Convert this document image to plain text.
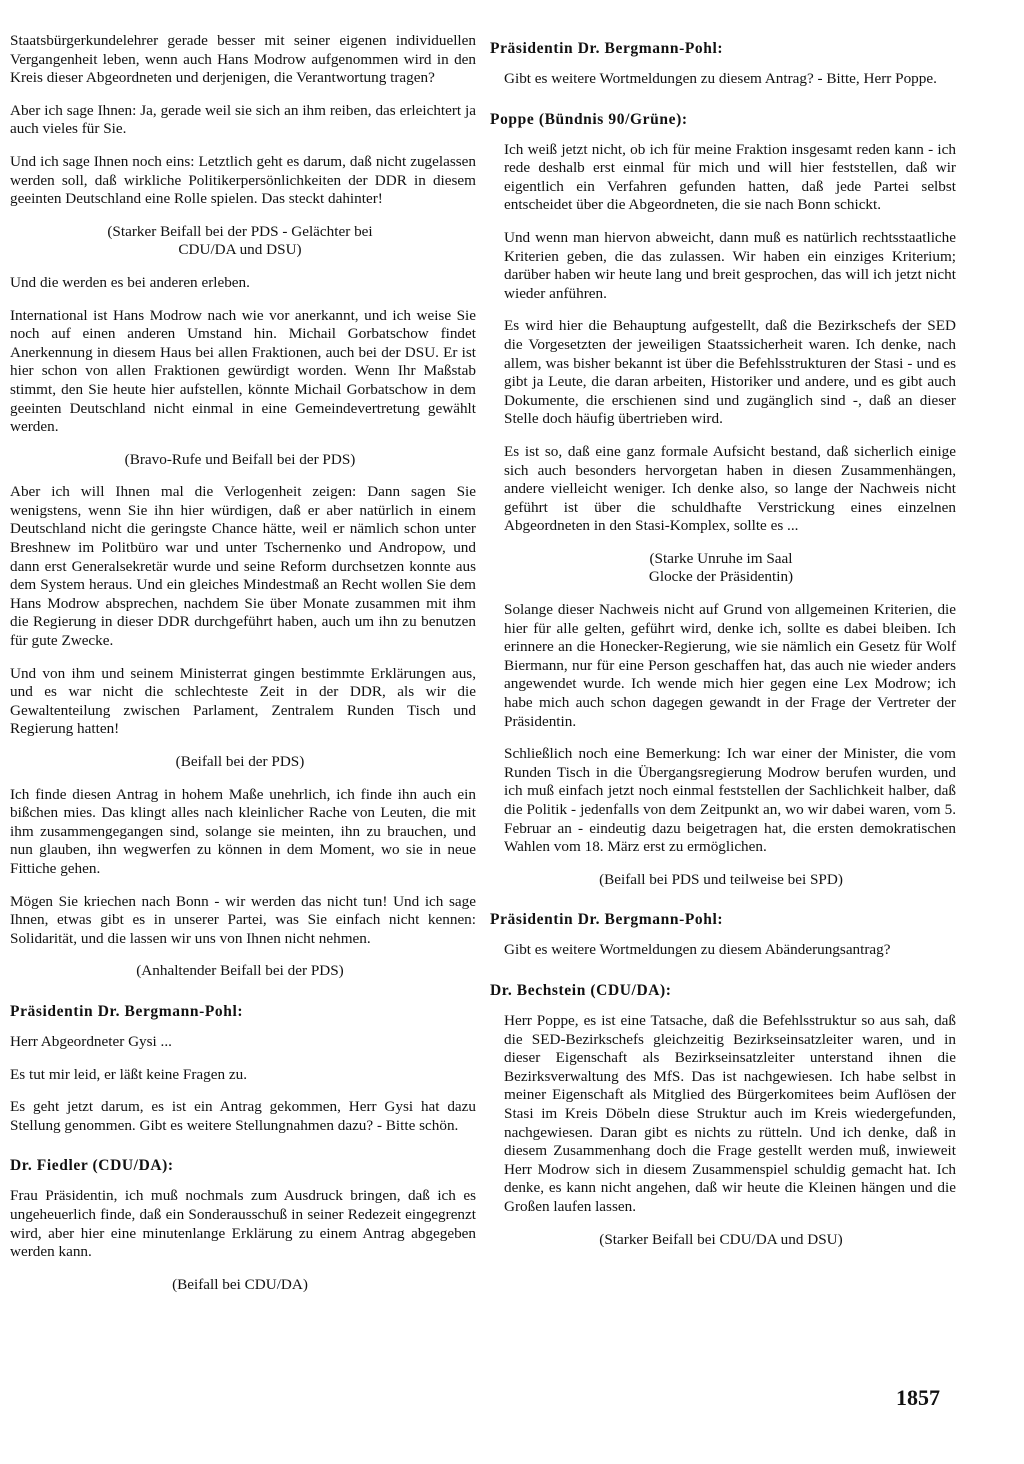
Staatsbürgerkundelehrer gerade besser mit seiner eigenen individuellen Vergangenheit leben, wenn auch Hans Modrow aufgenommen wird in den Kreis dieser Abgeordneten und derjenigen, die Verantwortung tragen?

Aber ich sage Ihnen: Ja, gerade weil sie sich an ihm reiben, das erleichtert ja auch vieles für Sie.

Und ich sage Ihnen noch eins: Letztlich geht es darum, daß nicht zugelassen werden soll, daß wirkliche Politikerpersönlichkeiten der DDR in diesem geeinten Deutschland eine Rolle spielen. Das steckt dahinter!

(Starker Beifall bei der PDS - Gelächter bei
CDU/DA und DSU)

Und die werden es bei anderen erleben.

International ist Hans Modrow nach wie vor anerkannt, und ich weise Sie noch auf einen anderen Umstand hin. Michail Gorbatschow findet Anerkennung in diesem Haus bei allen Fraktionen, auch bei der DSU. Er ist hier schon von allen Fraktionen gewürdigt worden. Wenn Ihr Maßstab stimmt, den Sie heute hier aufstellen, könnte Michail Gorbatschow in dem geeinten Deutschland nicht einmal in eine Gemeindevertretung gewählt werden.

(Bravo-Rufe und Beifall bei der PDS)

Aber ich will Ihnen mal die Verlogenheit zeigen: Dann sagen Sie wenigstens, wenn Sie ihn hier würdigen, daß er aber natürlich in einem Deutschland nicht die geringste Chance hätte, weil er nämlich schon unter Breshnew im Politbüro war und unter Tschernenko und Andropow, und dann erst Generalsekretär wurde und seine Reform durchsetzen konnte aus dem System heraus. Und ein gleiches Mindestmaß an Recht wollen Sie dem Hans Modrow absprechen, nachdem Sie über Monate zusammen mit ihm die Regierung in dieser DDR durchgeführt haben, auch um ihn zu benutzen für gute Zwecke.

Und von ihm und seinem Ministerrat gingen bestimmte Erklärungen aus, und es war nicht die schlechteste Zeit in der DDR, als wir die Gewaltenteilung zwischen Parlament, Zentralem Runden Tisch und Regierung hatten!

(Beifall bei der PDS)

Ich finde diesen Antrag in hohem Maße unehrlich, ich finde ihn auch ein bißchen mies. Das klingt alles nach kleinlicher Rache von Leuten, die mit ihm zusammengegangen sind, solange sie meinten, ihn zu brauchen, und nun glauben, ihn wegwerfen zu können in dem Moment, wo sie in neue Fittiche gehen.

Mögen Sie kriechen nach Bonn - wir werden das nicht tun! Und ich sage Ihnen, etwas gibt es in unserer Partei, was Sie einfach nicht kennen: Solidarität, und die lassen wir uns von Ihnen nicht nehmen.

(Anhaltender Beifall bei der PDS)
Präsidentin Dr. Bergmann-Pohl:

Herr Abgeordneter Gysi ...

Es tut mir leid, er läßt keine Fragen zu.

Es geht jetzt darum, es ist ein Antrag gekommen, Herr Gysi hat dazu Stellung genommen. Gibt es weitere Stellungnahmen dazu? - Bitte schön.

Dr. Fiedler (CDU/DA):

Frau Präsidentin, ich muß nochmals zum Ausdruck bringen, daß ich es ungeheuerlich finde, daß ein Sonderausschuß in seiner Redezeit eingegrenzt wird, aber hier eine minutenlange Erklärung zu einem Antrag abgegeben werden kann.

(Beifall bei CDU/DA)
Präsidentin Dr. Bergmann-Pohl:

Gibt es weitere Wortmeldungen zu diesem Antrag? - Bitte, Herr Poppe.

Poppe (Bündnis 90/Grüne):

Ich weiß jetzt nicht, ob ich für meine Fraktion insgesamt reden kann - ich rede deshalb erst einmal für mich und will hier feststellen, daß wir eigentlich ein Verfahren gefunden hatten, daß jede Partei selbst entscheidet über die Abgeordneten, die sie nach Bonn schickt.

Und wenn man hiervon abweicht, dann muß es natürlich rechtsstaatliche Kriterien geben, die das zulassen. Wir haben ein einziges Kriterium; darüber haben wir heute lang und breit gesprochen, das will ich jetzt nicht wieder anführen.

Es wird hier die Behauptung aufgestellt, daß die Bezirkschefs der SED die Vorgesetzten der jeweiligen Staatssicherheit waren. Ich denke, nach allem, was bisher bekannt ist über die Befehlsstrukturen der Stasi - und es gibt ja Leute, die daran arbeiten, Historiker und andere, und es gibt auch Dokumente, die erschienen sind und zugänglich sind -, daß an dieser Stelle doch häufig übertrieben wird.

Es ist so, daß eine ganz formale Aufsicht bestand, daß sicherlich einige sich auch besonders hervorgetan haben in diesen Zusammenhängen, andere vielleicht weniger. Ich denke also, so lange der Nachweis nicht geführt ist über die schuldhafte Verstrickung eines einzelnen Abgeordneten in den Stasi-Komplex, sollte es ...

(Starke Unruhe im Saal
Glocke der Präsidentin)

Solange dieser Nachweis nicht auf Grund von allgemeinen Kriterien, die hier für alle gelten, geführt wird, denke ich, sollte es dabei bleiben. Ich erinnere an die Honecker-Regierung, wie sie nämlich ein Gesetz für Wolf Biermann, nur für eine Person geschaffen hat, das auch nie wieder anders angewendet wurde. Ich wende mich hier gegen eine Lex Modrow; ich habe mich auch schon dagegen gewandt in der Frage der Vertreter der Präsidentin.

Schließlich noch eine Bemerkung: Ich war einer der Minister, die vom Runden Tisch in die Übergangsregierung Modrow berufen wurden, und ich muß einfach jetzt noch einmal feststellen der Sachlichkeit halber, daß die Politik - jedenfalls von dem Zeitpunkt an, wo wir dabei waren, vom 5. Februar an - eindeutig dazu beigetragen hat, die ersten demokratischen Wahlen vom 18. März erst zu ermöglichen.

(Beifall bei PDS und teilweise bei SPD)
Präsidentin Dr. Bergmann-Pohl:

Gibt es weitere Wortmeldungen zu diesem Abänderungsantrag?

Dr. Bechstein (CDU/DA):

Herr Poppe, es ist eine Tatsache, daß die Befehlsstruktur so aus sah, daß die SED-Bezirkschefs gleichzeitig Bezirkseinsatzleiter waren, und in dieser Eigenschaft als Bezirkseinsatzleiter unterstand ihnen die Bezirksverwaltung des MfS. Das ist nachgewiesen. Ich habe selbst in meiner Eigenschaft als Mitglied des Bürgerkomitees beim Auflösen der Stasi im Kreis Döbeln diese Struktur auch im Kreis wiedergefunden, nachgewiesen. Daran gibt es nichts zu rütteln. Und ich denke, daß in diesem Zusammenhang doch die Frage gestellt werden muß, inwieweit Herr Modrow sich in diesem Zusammenspiel schuldig gemacht hat. Ich denke, es kann nicht angehen, daß wir heute die Kleinen hängen und die Großen laufen lassen.

(Starker Beifall bei CDU/DA und DSU)
1857
